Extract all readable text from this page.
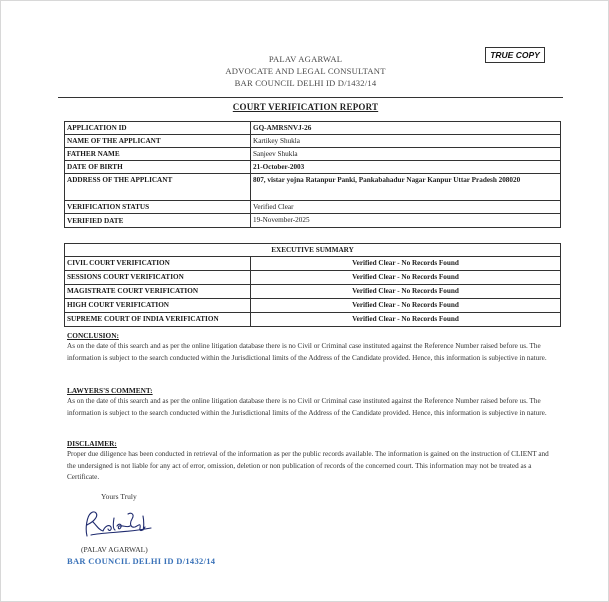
PALAV AGARWAL
ADVOCATE AND LEGAL CONSULTANT
BAR COUNCIL DELHI ID D/1432/14
TRUE COPY
COURT VERIFICATION REPORT
APPLICATION ID	GQ-AMRSNVJ-26
NAME OF THE APPLICANT	Kartikey Shukla
FATHER NAME	Sanjeev Shukla
DATE OF BIRTH	21-October-2003
ADDRESS OF THE APPLICANT	807, vistar yojna Ratanpur Panki, Pankabahadur Nagar Kanpur Uttar Pradesh 208020
VERIFICATION STATUS	Verified Clear
VERIFIED DATE	19-November-2025
EXECUTIVE SUMMARY	
CIVIL COURT VERIFICATION	Verified Clear - No Records Found
SESSIONS COURT VERIFICATION	Verified Clear - No Records Found
MAGISTRATE COURT VERIFICATION	Verified Clear - No Records Found
HIGH COURT VERIFICATION	Verified Clear - No Records Found
SUPREME COURT OF INDIA VERIFICATION	Verified Clear - No Records Found
CONCLUSION:

As on the date of this search and as per the online litigation database there is no Civil or Criminal case instituted against the Reference Number raised before us. The information is subject to the search conducted within the Jurisdictional limits of the Address of the Candidate provided. Hence, this information is subjective in nature.

LAWYERS'S COMMENT:

As on the date of this search and as per the online litigation database there is no Civil or Criminal case instituted against the Reference Number raised before us. The information is subject to the search conducted within the Jurisdictional limits of the Address of the Candidate provided. Hence, this information is subjective in nature.

DISCLAIMER:

Proper due diligence has been conducted in retrieval of the information as per the public records available. The information is gained on the instruction of CLIENT and the undersigned is not liable for any act of error, omission, deletion or non publication of records of the concerned court. This information may not be treated as a Certificate.

Yours Truly
(PALAV AGARWAL)
BAR COUNCIL DELHI ID D/1432/14
